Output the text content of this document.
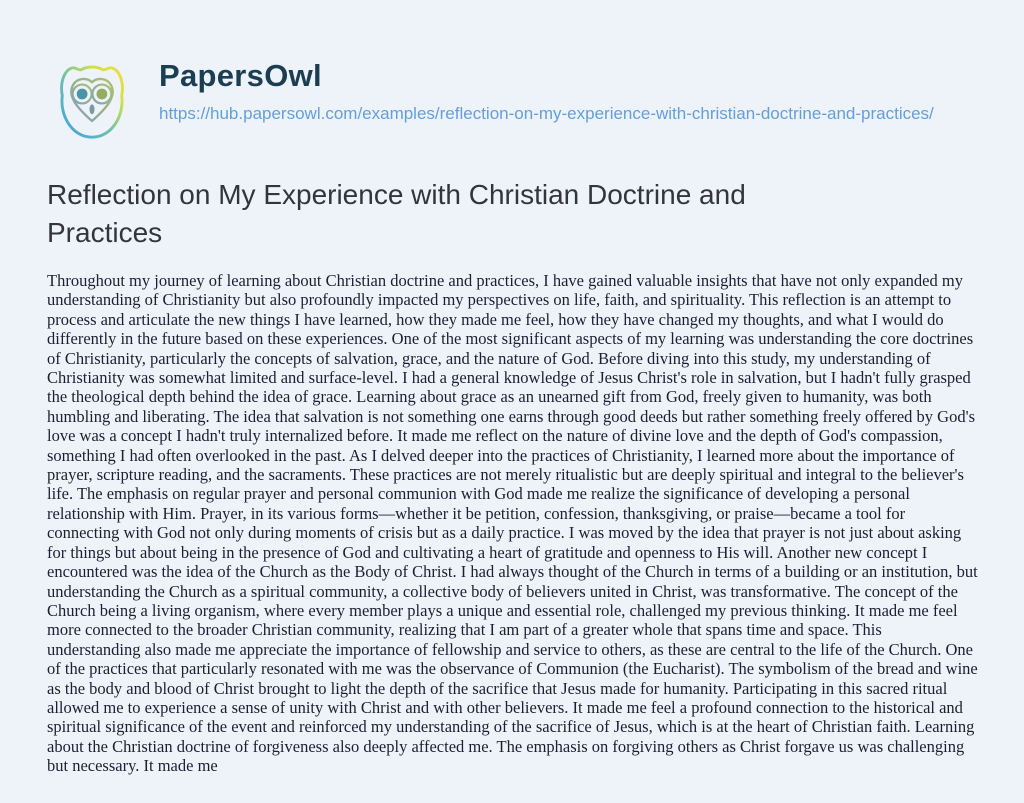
PapersOwl
https://hub.papersowl.com/examples/reflection-on-my-experience-with-christian-doctrine-and-practices/
Reflection on My Experience with Christian Doctrine and Practices

Throughout my journey of learning about Christian doctrine and practices, I have gained valuable insights that have not only expanded my understanding of Christianity but also profoundly impacted my perspectives on life, faith, and spirituality. This reflection is an attempt to process and articulate the new things I have learned, how they made me feel, how they have changed my thoughts, and what I would do differently in the future based on these experiences. One of the most significant aspects of my learning was understanding the core doctrines of Christianity, particularly the concepts of salvation, grace, and the nature of God. Before diving into this study, my understanding of Christianity was somewhat limited and surface-level. I had a general knowledge of Jesus Christ's role in salvation, but I hadn't fully grasped the theological depth behind the idea of grace. Learning about grace as an unearned gift from God, freely given to humanity, was both humbling and liberating. The idea that salvation is not something one earns through good deeds but rather something freely offered by God's love was a concept I hadn't truly internalized before. It made me reflect on the nature of divine love and the depth of God's compassion, something I had often overlooked in the past. As I delved deeper into the practices of Christianity, I learned more about the importance of prayer, scripture reading, and the sacraments. These practices are not merely ritualistic but are deeply spiritual and integral to the believer's life. The emphasis on regular prayer and personal communion with God made me realize the significance of developing a personal relationship with Him. Prayer, in its various forms—whether it be petition, confession, thanksgiving, or praise—became a tool for connecting with God not only during moments of crisis but as a daily practice. I was moved by the idea that prayer is not just about asking for things but about being in the presence of God and cultivating a heart of gratitude and openness to His will. Another new concept I encountered was the idea of the Church as the Body of Christ. I had always thought of the Church in terms of a building or an institution, but understanding the Church as a spiritual community, a collective body of believers united in Christ, was transformative. The concept of the Church being a living organism, where every member plays a unique and essential role, challenged my previous thinking. It made me feel more connected to the broader Christian community, realizing that I am part of a greater whole that spans time and space. This understanding also made me appreciate the importance of fellowship and service to others, as these are central to the life of the Church. One of the practices that particularly resonated with me was the observance of Communion (the Eucharist). The symbolism of the bread and wine as the body and blood of Christ brought to light the depth of the sacrifice that Jesus made for humanity. Participating in this sacred ritual allowed me to experience a sense of unity with Christ and with other believers. It made me feel a profound connection to the historical and spiritual significance of the event and reinforced my understanding of the sacrifice of Jesus, which is at the heart of Christian faith. Learning about the Christian doctrine of forgiveness also deeply affected me. The emphasis on forgiving others as Christ forgave us was challenging but necessary. It made me
